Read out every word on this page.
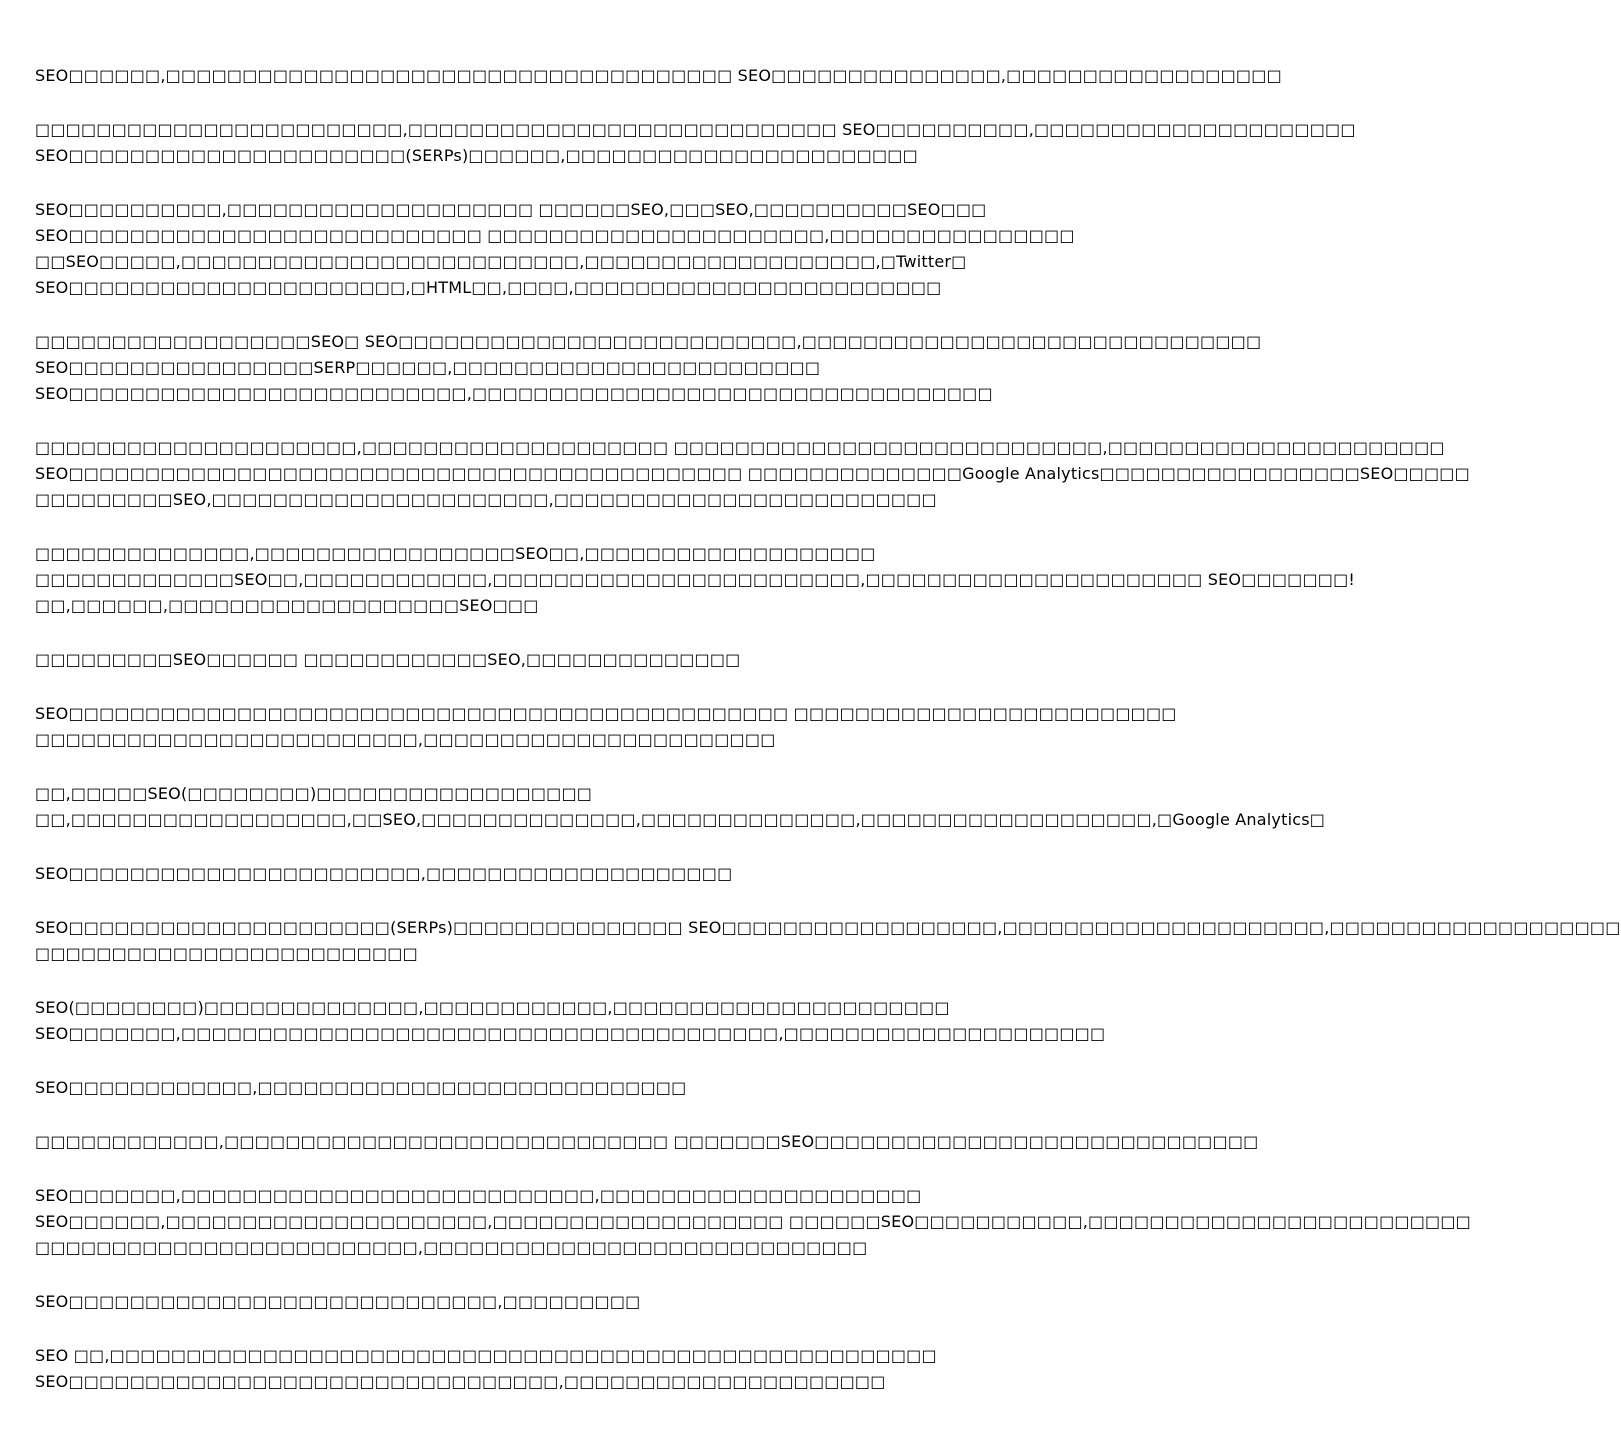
SEO□□□□□□,□□□□□□□□□□□□□□□□□□□□□□□□□□□□□□□□□□□□□ SEO□□□□□□□□□□□□□□□,□□□□□□□□□□□□□□□□□□
□□□□□□□□□□□□□□□□□□□□□□□□,□□□□□□□□□□□□□□□□□□□□□□□□□□□□ SEO□□□□□□□□□□,□□□□□□□□□□□□□□□□□□□□□
SEO□□□□□□□□□□□□□□□□□□□□□□(SERPs)□□□□□□,□□□□□□□□□□□□□□□□□□□□□□□
SEO□□□□□□□□□□,□□□□□□□□□□□□□□□□□□□□ □□□□□□SEO,□□□SEO,□□□□□□□□□□SEO□□□
SEO□□□□□□□□□□□□□□□□□□□□□□□□□□□ □□□□□□□□□□□□□□□□□□□□□□,□□□□□□□□□□□□□□□□
□□SEO□□□□□,□□□□□□□□□□□□□□□□□□□□□□□□□□,□□□□□□□□□□□□□□□□□□□,□Twitter□
SEO□□□□□□□□□□□□□□□□□□□□□□,□HTML□□,□□□□,□□□□□□□□□□□□□□□□□□□□□□□□
□□□□□□□□□□□□□□□□□□SEO□ SEO□□□□□□□□□□□□□□□□□□□□□□□□□□,□□□□□□□□□□□□□□□□□□□□□□□□□□□□□□
SEO□□□□□□□□□□□□□□□□SERP□□□□□□,□□□□□□□□□□□□□□□□□□□□□□□□
SEO□□□□□□□□□□□□□□□□□□□□□□□□□□,□□□□□□□□□□□□□□□□□□□□□□□□□□□□□□□□□□
□□□□□□□□□□□□□□□□□□□□□,□□□□□□□□□□□□□□□□□□□□ □□□□□□□□□□□□□□□□□□□□□□□□□□□□,□□□□□□□□□□□□□□□□□□□□□□
SEO□□□□□□□□□□□□□□□□□□□□□□□□□□□□□□□□□□□□□□□□□□□□ □□□□□□□□□□□□□□Google Analytics□□□□□□□□□□□□□□□□□SEO□□□□□
□□□□□□□□□SEO,□□□□□□□□□□□□□□□□□□□□□□,□□□□□□□□□□□□□□□□□□□□□□□□□
□□□□□□□□□□□□□□,□□□□□□□□□□□□□□□□□SEO□□,□□□□□□□□□□□□□□□□□□□
□□□□□□□□□□□□□SEO□□,□□□□□□□□□□□□,□□□□□□□□□□□□□□□□□□□□□□□□,□□□□□□□□□□□□□□□□□□□□□□ SEO□□□□□□□!
□□,□□□□□□,□□□□□□□□□□□□□□□□□□□SEO□□□
□□□□□□□□□SEO□□□□□□ □□□□□□□□□□□□SEO,□□□□□□□□□□□□□□
SEO□□□□□□□□□□□□□□□□□□□□□□□□□□□□□□□□□□□□□□□□□□□□□□□ □□□□□□□□□□□□□□□□□□□□□□□□□
□□□□□□□□□□□□□□□□□□□□□□□□□,□□□□□□□□□□□□□□□□□□□□□□□
□□,□□□□□SEO(□□□□□□□□)□□□□□□□□□□□□□□□□□□
□□,□□□□□□□□□□□□□□□□□□,□□SEO,□□□□□□□□□□□□□□,□□□□□□□□□□□□□□,□□□□□□□□□□□□□□□□□□□,□Google Analytics□
SEO□□□□□□□□□□□□□□□□□□□□□□□,□□□□□□□□□□□□□□□□□□□□
SEO□□□□□□□□□□□□□□□□□□□□□(SERPs)□□□□□□□□□□□□□□□ SEO□□□□□□□□□□□□□□□□□□,□□□□□□□□□□□□□□□□□□□□□,□□□□□□□□□□□□□□□□□□□
□□□□□□□□□□□□□□□□□□□□□□□□□
SEO(□□□□□□□□)□□□□□□□□□□□□□□,□□□□□□□□□□□□,□□□□□□□□□□□□□□□□□□□□□□
SEO□□□□□□□,□□□□□□□□□□□□□□□□□□□□□□□□□□□□□□□□□□□□□□□,□□□□□□□□□□□□□□□□□□□□□
SEO□□□□□□□□□□□□,□□□□□□□□□□□□□□□□□□□□□□□□□□□□
□□□□□□□□□□□□,□□□□□□□□□□□□□□□□□□□□□□□□□□□□□ □□□□□□□SEO□□□□□□□□□□□□□□□□□□□□□□□□□□□□□
SEO□□□□□□□,□□□□□□□□□□□□□□□□□□□□□□□□□□□,□□□□□□□□□□□□□□□□□□□□□
SEO□□□□□□,□□□□□□□□□□□□□□□□□□□□□,□□□□□□□□□□□□□□□□□□□ □□□□□□SEO□□□□□□□□□□□,□□□□□□□□□□□□□□□□□□□□□□□□□
□□□□□□□□□□□□□□□□□□□□□□□□□,□□□□□□□□□□□□□□□□□□□□□□□□□□□□□
SEO□□□□□□□□□□□□□□□□□□□□□□□□□□□□,□□□□□□□□□
SEO □□,□□□□□□□□□□□□□□□□□□□□□□□□□□□□□□□□□□□□□□□□□□□□□□□□□□□□□□
SEO□□□□□□□□□□□□□□□□□□□□□□□□□□□□□□□□,□□□□□□□□□□□□□□□□□□□□□
